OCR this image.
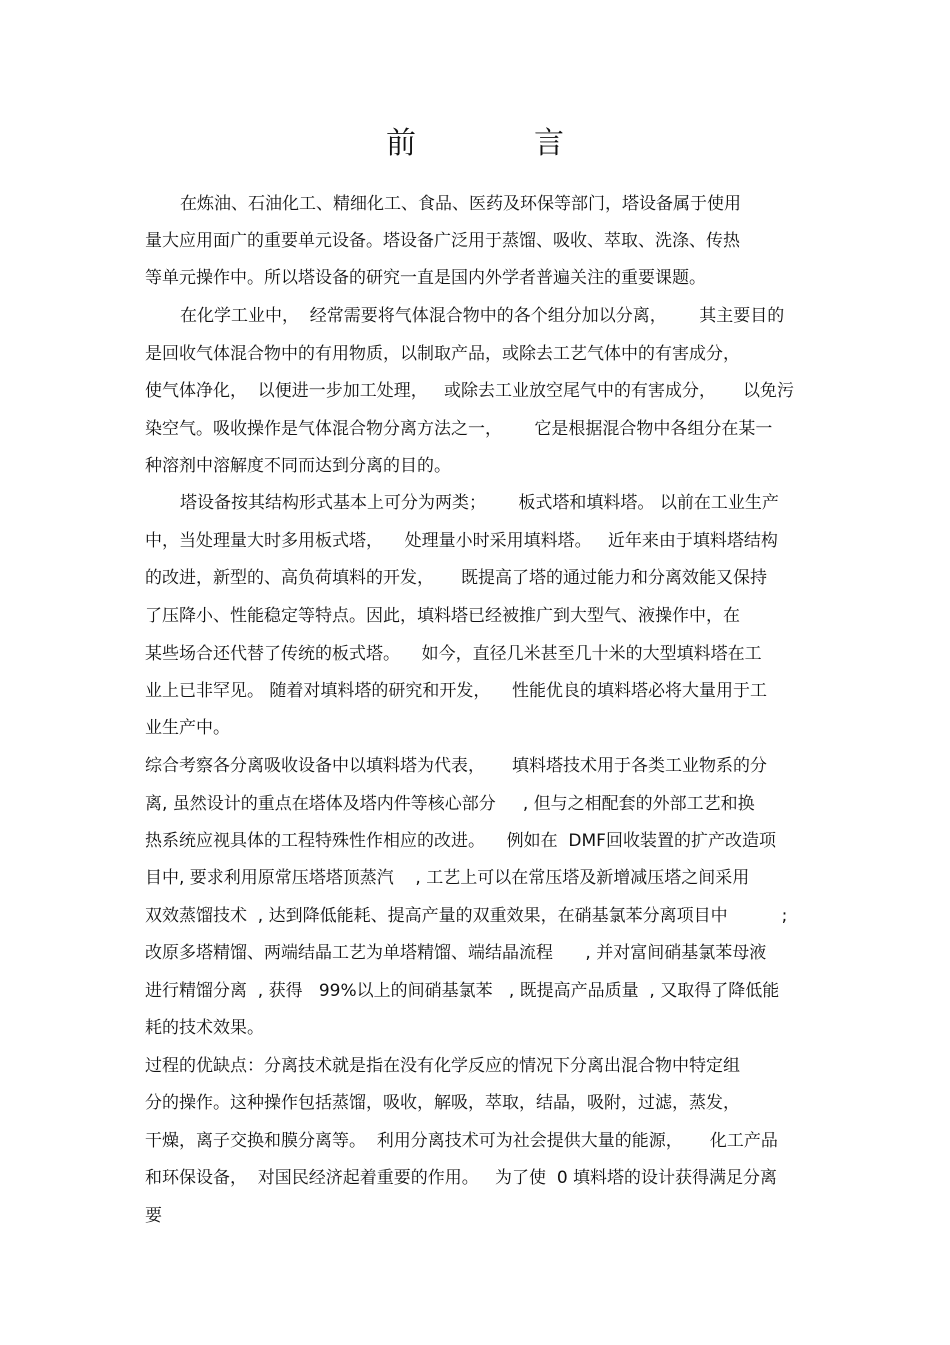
前　言
在炼油、石油化工、精细化工、食品、医药及环保等部门，塔设备属于使用
量大应用面广的重要单元设备。塔设备广泛用于蒸馏、吸收、萃取、洗涤、传热
等单元操作中。所以塔设备的研究一直是国内外学者普遍关注的重要课题。
在化学工业中，  经常需要将气体混合物中的各个组分加以分离，      其主要目的
是回收气体混合物中的有用物质，以制取产品，或除去工艺气体中的有害成分，
使气体净化，  以便进一步加工处理，   或除去工业放空尾气中的有害成分，     以免污
染空气。吸收操作是气体混合物分离方法之一，      它是根据混合物中各组分在某一
种溶剂中溶解度不同而达到分离的目的。
塔设备按其结构形式基本上可分为两类；      板式塔和填料塔。 以前在工业生产
中，当处理量大时多用板式塔，    处理量小时采用填料塔。   近年来由于填料塔结构
的改进，新型的、高负荷填料的开发，     既提高了塔的通过能力和分离效能又保持
了压降小、性能稳定等特点。因此，填料塔已经被推广到大型气、液操作中，在
某些场合还代替了传统的板式塔。    如今，直径几米甚至几十米的大型填料塔在工
业上已非罕见。 随着对填料塔的研究和开发，    性能优良的填料塔必将大量用于工
业生产中。
综合考察各分离吸收设备中以填料塔为代表，     填料塔技术用于各类工业物系的分
离, 虽然设计的重点在塔体及塔内件等核心部分     , 但与之相配套的外部工艺和换
热系统应视具体的工程特殊性作相应的改进。    例如在  DMF回收装置的扩产改造项
目中, 要求利用原常压塔塔顶蒸汽    , 工艺上可以在常压塔及新增减压塔之间采用
双效蒸馏技术  , 达到降低能耗、提高产量的双重效果，在硝基氯苯分离项目中          ;
改原多塔精馏、两端结晶工艺为单塔精馏、端结晶流程      , 并对富间硝基氯苯母液
进行精馏分离  , 获得   99%以上的间硝基氯苯   , 既提高产品质量  , 又取得了降低能
耗的技术效果。
过程的优缺点：分离技术就是指在没有化学反应的情况下分离出混合物中特定组
分的操作。这种操作包括蒸馏，吸收，解吸，萃取，结晶，吸附，过滤，蒸发，
干燥，离子交换和膜分离等。  利用分离技术可为社会提供大量的能源，     化工产品
和环保设备，  对国民经济起着重要的作用。   为了使  0 填料塔的设计获得满足分离
要
